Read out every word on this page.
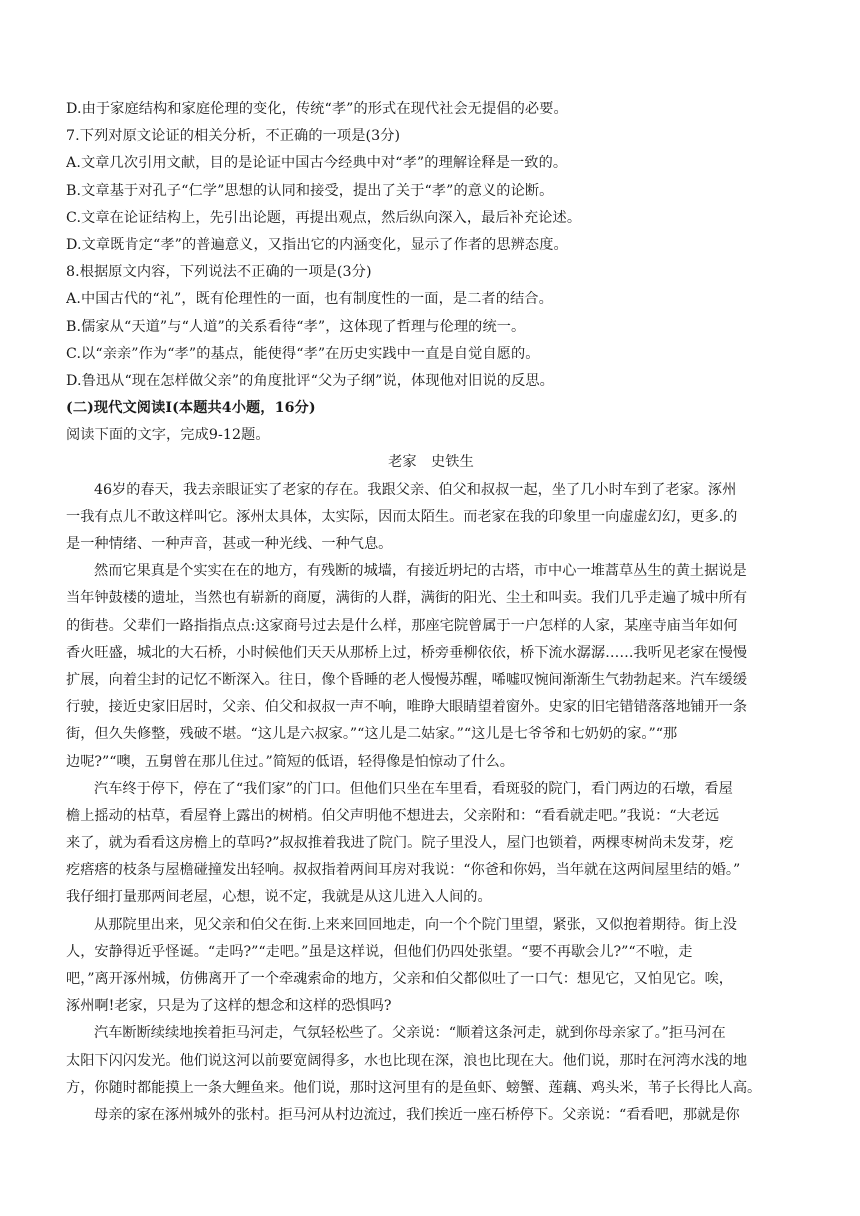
D.由于家庭结构和家庭伦理的变化，传统“孝”的形式在现代社会无提倡的必要。
7.下列对原文论证的相关分析，不正确的一项是(3分)
A.文章几次引用文献，目的是论证中国古今经典中对“孝”的理解诠释是一致的。
B.文章基于对孔子“仁学”思想的认同和接受，提出了关于“孝”的意义的论断。
C.文章在论证结构上，先引出论题，再提出观点，然后纵向深入，最后补充论述。
D.文章既肯定“孝”的普遍意义，又指出它的内涵变化，显示了作者的思辨态度。
8.根据原文内容，下列说法不正确的一项是(3分)
A.中国古代的“礼”，既有伦理性的一面，也有制度性的一面，是二者的结合。
B.儒家从“天道”与“人道”的关系看待“孝”，这体现了哲理与伦理的统一。
C.以“亲亲”作为“孝”的基点，能使得“孝”在历史实践中一直是自觉自愿的。
D.鲁迅从“现在怎样做父亲”的角度批评“父为子纲”说，体现他对旧说的反思。
(二)现代文阅读Ⅰ(本题共4小题，16分)
阅读下面的文字，完成9-12题。
老家　史铁生
46岁的春天，我去亲眼证实了老家的存在。我跟父亲、伯父和叔叔一起，坐了几小时车到了老家。涿州
一我有点儿不敢这样叫它。涿州太具体，太实际，因而太陌生。而老家在我的印象里一向虚虚幻幻，更多.的
是一种情绪、一种声音，甚或一种光线、一种气息。
然而它果真是个实实在在的地方，有残断的城墙，有接近坍圮的古塔，市中心一堆蒿草丛生的黄土据说是
当年钟鼓楼的遗址，当然也有崭新的商厦，满街的人群，满街的阳光、尘土和叫卖。我们几乎走遍了城中所有
的街巷。父辈们一路指指点点:这家商号过去是什么样，那座宅院曾属于一户怎样的人家，某座寺庙当年如何
香火旺盛，城北的大石桥，小时候他们天天从那桥上过，桥旁垂柳依依，桥下流水潺潺……我听见老家在慢慢
扩展，向着尘封的记忆不断深入。往日，像个昏睡的老人慢慢苏醒，唏嘘叹惋间渐渐生气勃勃起来。汽车缓缓
行驶，接近史家旧居时，父亲、伯父和叔叔一声不响，唯睁大眼睛望着窗外。史家的旧宅错错落落地铺开一条
街，但久失修整，残破不堪。“这儿是六叔家。”“这儿是二姑家。”“这儿是七爷爷和七奶奶的家。”“那
边呢?”“噢，五舅曾在那儿住过。”简短的低语，轻得像是怕惊动了什么。
汽车终于停下，停在了“我们家”的门口。但他们只坐在车里看，看斑驳的院门，看门两边的石墩，看屋
檐上摇动的枯草，看屋脊上露出的树梢。伯父声明他不想进去，父亲附和：“看看就走吧。”我说：“大老远
来了，就为看看这房檐上的草吗?”叔叔推着我进了院门。院子里没人，屋门也锁着，两棵枣树尚未发芽，疙
疙瘩瘩的枝条与屋檐碰撞发出轻响。叔叔指着两间耳房对我说：“你爸和你妈，当年就在这两间屋里结的婚。”
我仔细打量那两间老屋，心想，说不定，我就是从这儿进入人间的。
从那院里出来，见父亲和伯父在街.上来来回回地走，向一个个院门里望，紧张，又似抱着期待。街上没
人，安静得近乎怪诞。“走吗?”“走吧。”虽是这样说，但他们仍四处张望。“要不再歇会儿?”“不啦，走
吧，”离开涿州城，仿佛离开了一个牵魂索命的地方，父亲和伯父都似吐了一口气：想见它，又怕见它。唉，
涿州啊!老家，只是为了这样的想念和这样的恐惧吗?
汽车断断续续地挨着拒马河走，气氛轻松些了。父亲说：“顺着这条河走，就到你母亲家了。”拒马河在
太阳下闪闪发光。他们说这河以前要宽阔得多，水也比现在深，浪也比现在大。他们说，那时在河湾水浅的地
方，你随时都能摸上一条大鲤鱼来。他们说，那时这河里有的是鱼虾、螃蟹、莲藕、鸡头米，苇子长得比人高。
母亲的家在涿州城外的张村。拒马河从村边流过，我们挨近一座石桥停下。父亲说：“看看吧，那就是你
